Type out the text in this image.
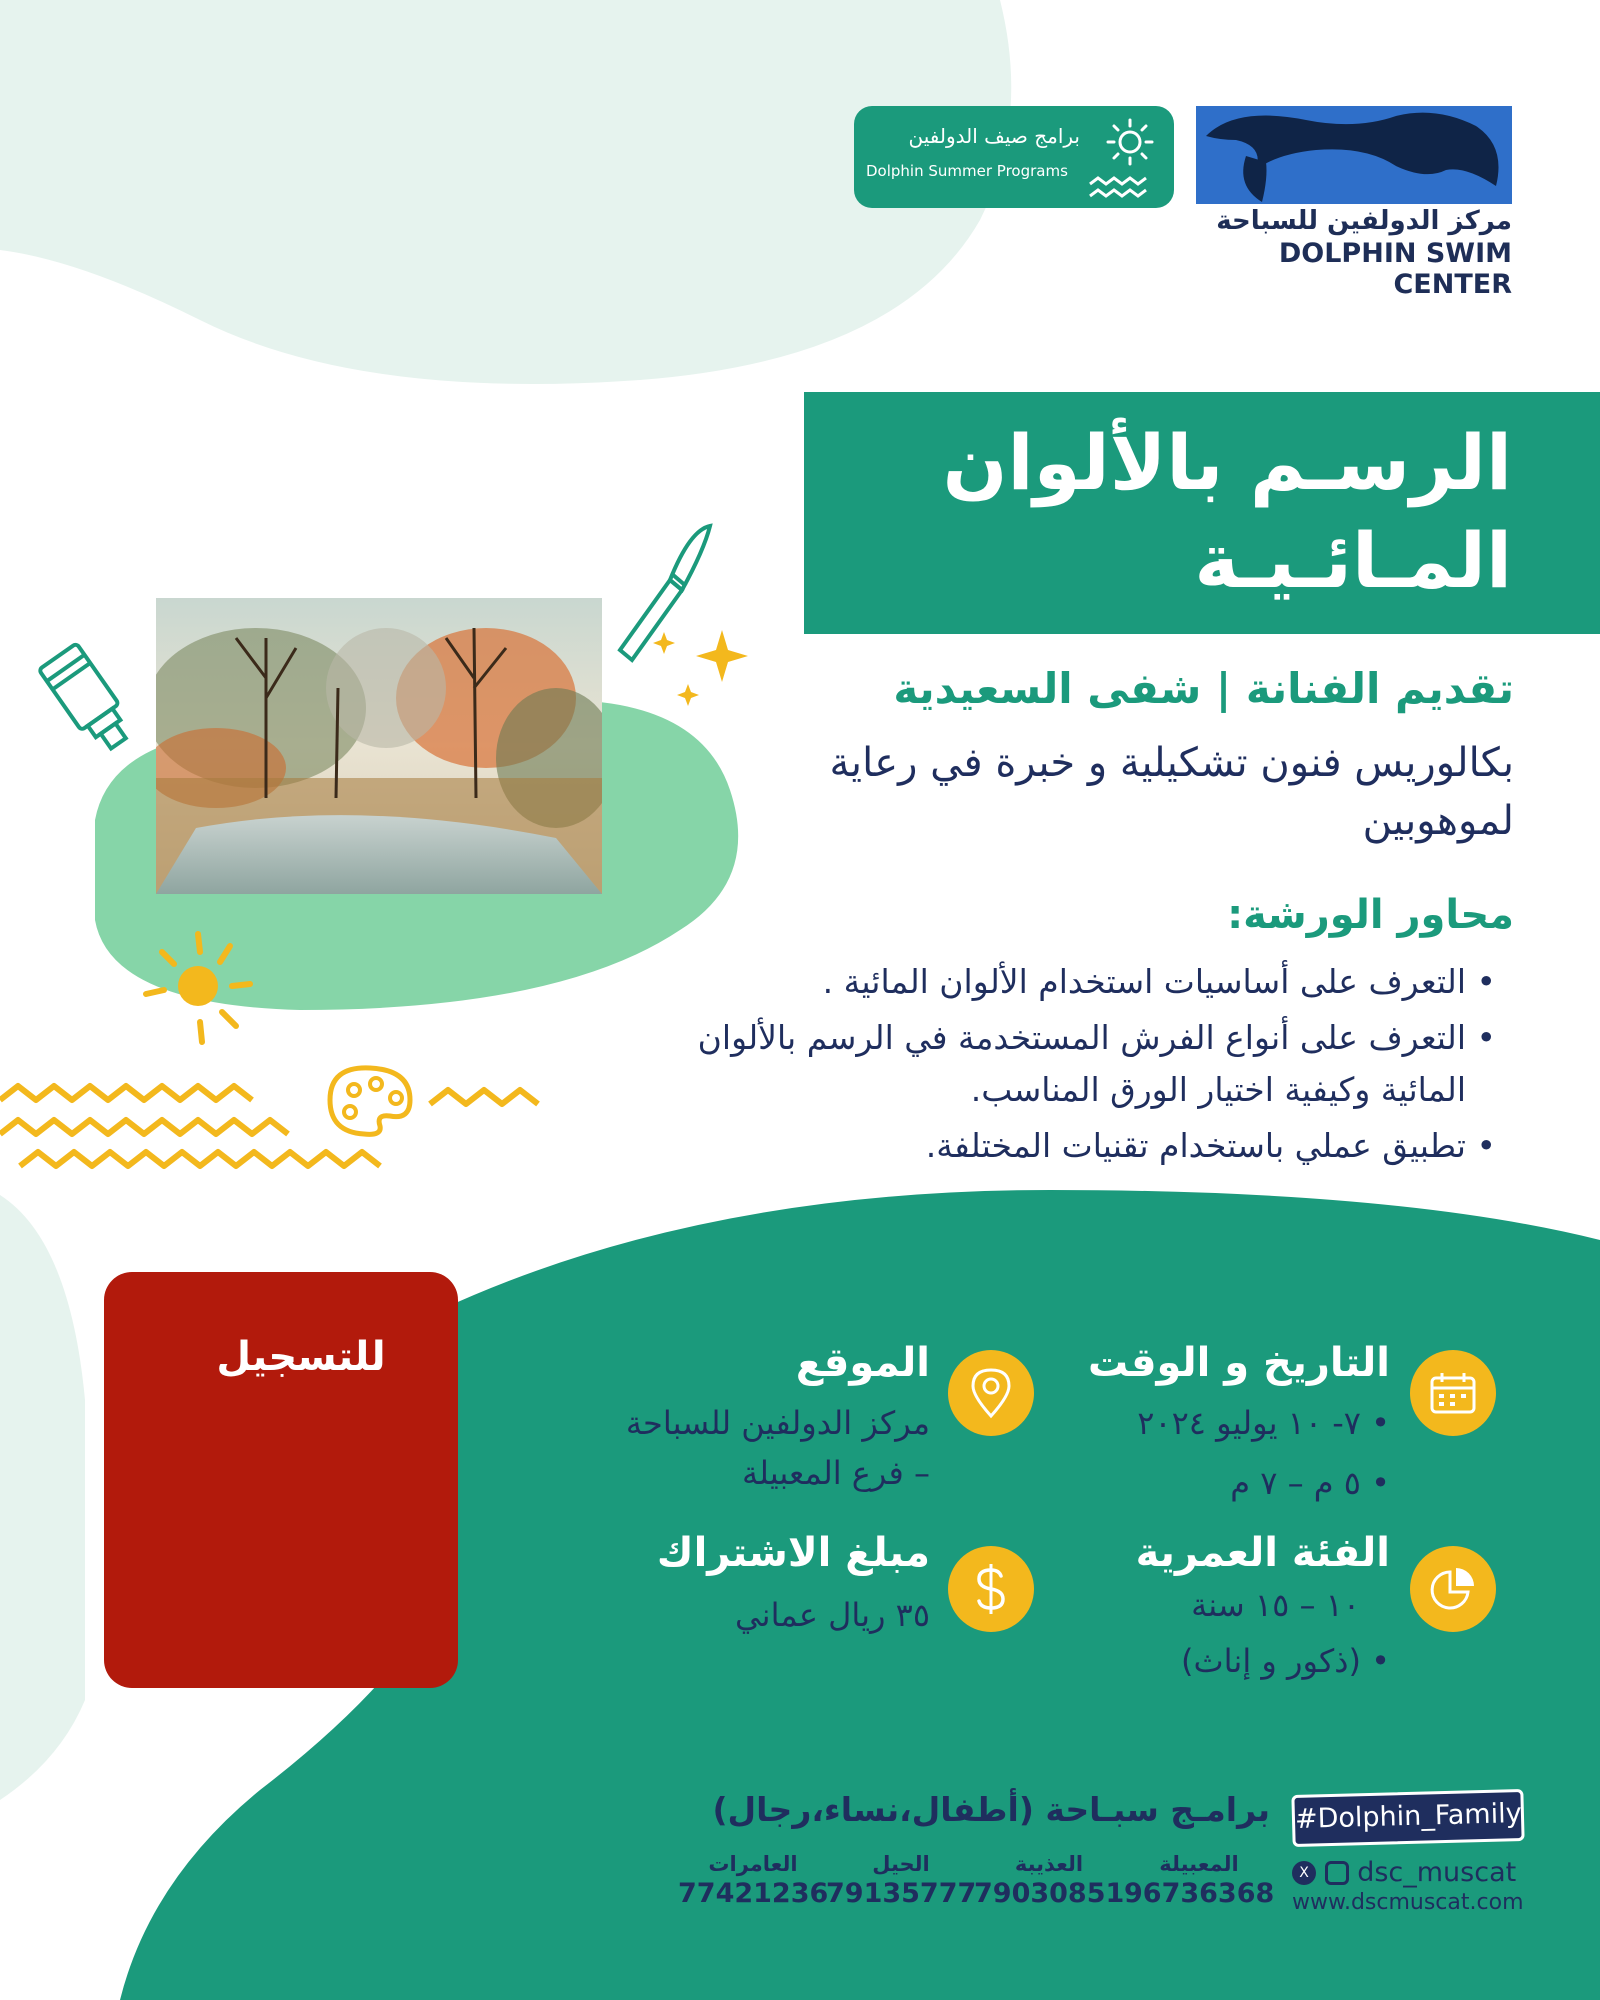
برامج صيف الدولفين
Dolphin Summer Programs
مركز الدولفين للسباحة
DOLPHIN SWIM CENTER
الرسـم بالألوان المـائـيـة
تقديم الفنانة | شفى السعيدية
بكالوريس فنون تشكيلية و خبرة في رعاية لموهوبين
محاور الورشة:
• التعرف على أساسيات استخدام الألوان المائية .
• التعرف على أنواع الفرش المستخدمة في الرسم بالألوان المائية وكيفية اختيار الورق المناسب.
• تطبيق عملي باستخدام تقنيات المختلفة.
للتسجيل	التاريخ و الوقت
• ٧- ١٠ يوليو ٢٠٢٤
• ٥ م – ٧ م
الموقع
مركز الدولفين للسباحة
– فرع المعبيلة
الفئة العمرية
١٠ – ١٥ سنة
• (ذكور و إناث)
مبلغ الاشتراك
٣٥ ريال عماني
#Dolphin_Family
برامـج سبـاحة (أطفال،نساء،رجال)
X dsc_muscat
www.dscmuscat.com
المعبيلة
96736368
العذيبة
79030851
الحيل
79135777
العامرات
77421236
